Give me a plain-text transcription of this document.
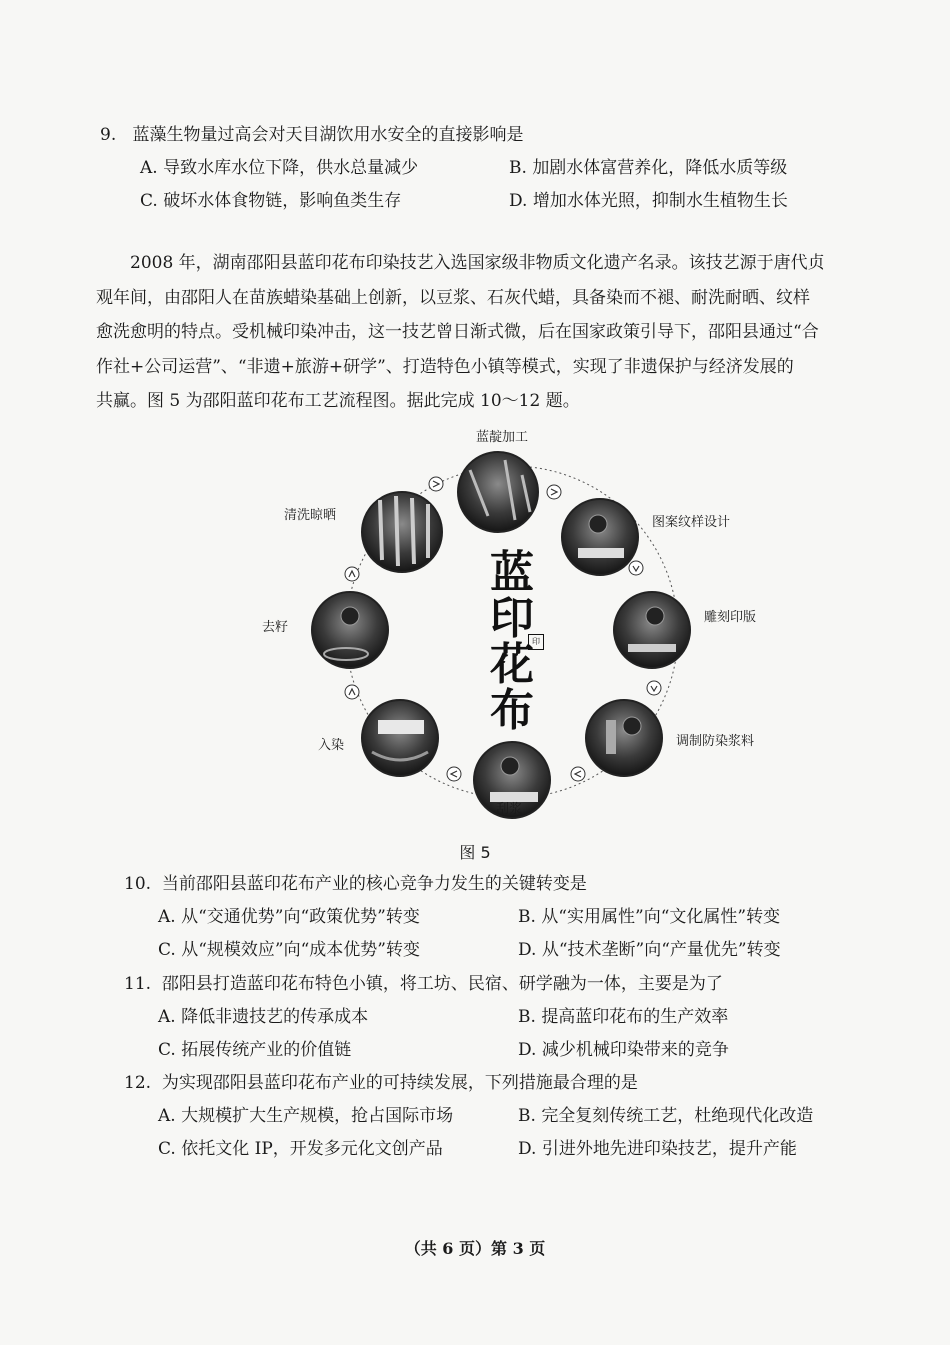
9. 蓝藻生物量过高会对天目湖饮用水安全的直接影响是
A. 导致水库水位下降，供水总量减少	B. 加剧水体富营养化，降低水质等级
C. 破坏水体食物链，影响鱼类生存	D. 增加水体光照，抑制水生植物生长
2008 年，湖南邵阳县蓝印花布印染技艺入选国家级非物质文化遗产名录。该技艺源于唐代贞
观年间，由邵阳人在苗族蜡染基础上创新，以豆浆、石灰代蜡，具备染而不褪、耐洗耐晒、纹样
愈洗愈明的特点。受机械印染冲击，这一技艺曾日渐式微，后在国家政策引导下，邵阳县通过“合
作社+公司运营”、“非遗+旅游+研学”、打造特色小镇等模式，实现了非遗保护与经济发展的
共赢。图 5 为邵阳蓝印花布工艺流程图。据此完成 10～12 题。
蓝
印
花
布
印
蓝靛加工
图案纹样设计
雕刻印版
调制防染浆料
刮浆
入染
去籽
清洗晾晒
图 5
10. 当前邵阳县蓝印花布产业的核心竞争力发生的关键转变是
A. 从“交通优势”向“政策优势”转变	B. 从“实用属性”向“文化属性”转变
C. 从“规模效应”向“成本优势”转变	D. 从“技术垄断”向“产量优先”转变
11. 邵阳县打造蓝印花布特色小镇，将工坊、民宿、研学融为一体，主要是为了
A. 降低非遗技艺的传承成本	B. 提高蓝印花布的生产效率
C. 拓展传统产业的价值链	D. 减少机械印染带来的竞争
12. 为实现邵阳县蓝印花布产业的可持续发展，下列措施最合理的是
A. 大规模扩大生产规模，抢占国际市场	B. 完全复刻传统工艺，杜绝现代化改造
C. 依托文化 IP，开发多元化文创产品	D. 引进外地先进印染技艺，提升产能
（共 6 页）第 3 页
